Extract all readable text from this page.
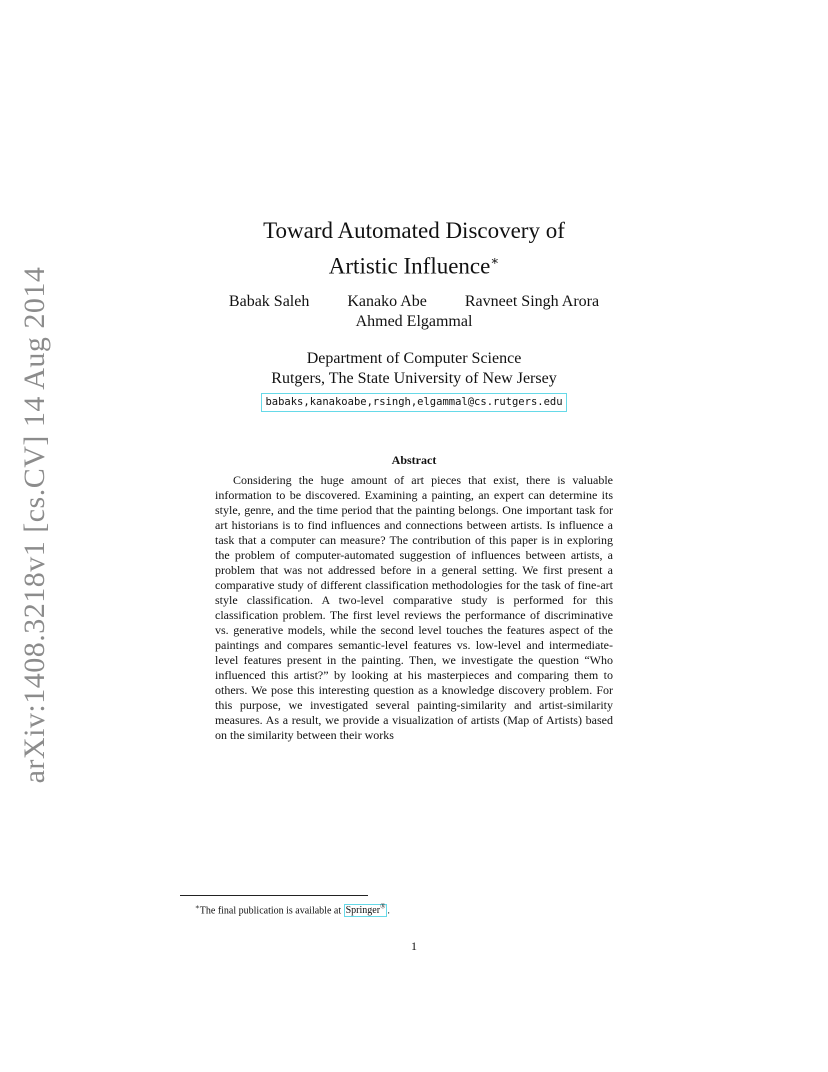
arXiv:1408.3218v1 [cs.CV] 14 Aug 2014
Toward Automated Discovery of
Artistic Influence∗
Babak Saleh Kanako Abe Ravneet Singh Arora
Ahmed Elgammal
Department of Computer Science
Rutgers, The State University of New Jersey
babaks,kanakoabe,rsingh,elgammal@cs.rutgers.edu
Abstract
Considering the huge amount of art pieces that exist, there is valuable information to be discovered. Examining a painting, an expert can determine its style, genre, and the time period that the painting belongs. One important task for art historians is to find influences and connections between artists. Is influence a task that a computer can measure? The contribution of this paper is in exploring the problem of computer-automated suggestion of influences between artists, a problem that was not addressed before in a general setting. We first present a comparative study of different classification methodologies for the task of fine-art style classification. A two-level comparative study is performed for this classification problem. The first level reviews the performance of discriminative vs. generative models, while the second level touches the features aspect of the paintings and compares semantic-level features vs. low-level and intermediate-level features present in the painting. Then, we investigate the question “Who influenced this artist?” by looking at his masterpieces and comparing them to others. We pose this interesting question as a knowledge discovery problem. For this purpose, we investigated several painting-similarity and artist-similarity measures. As a result, we provide a visualization of artists (Map of Artists) based on the similarity between their works
∗The final publication is available at Springer® .
1
